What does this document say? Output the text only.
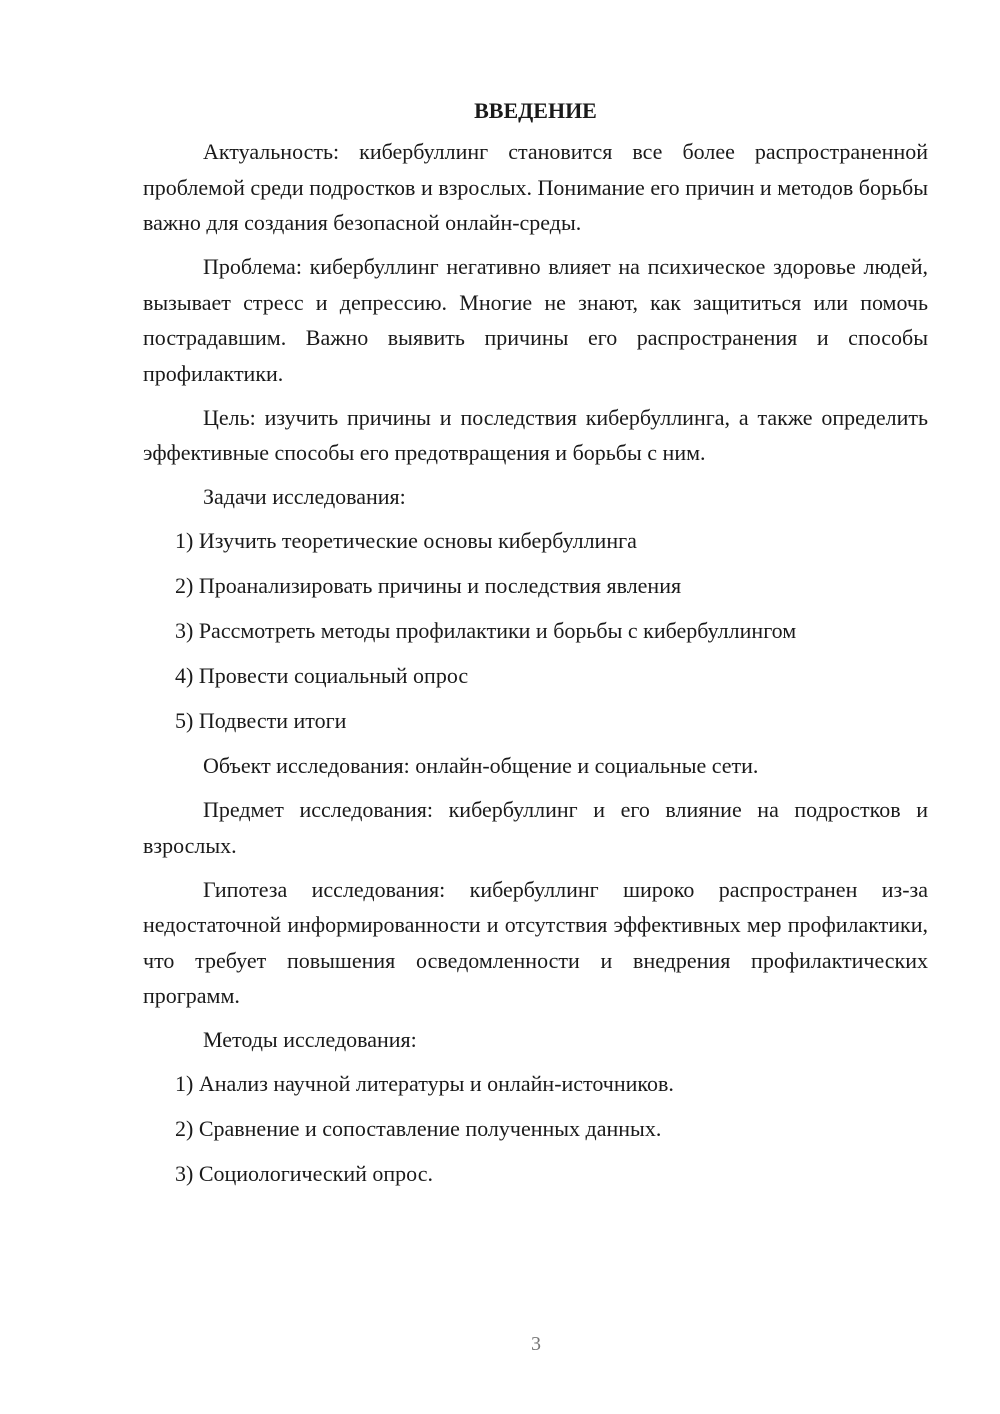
ВВЕДЕНИЕ

Актуальность: кибербуллинг становится все более распространенной проблемой среди подростков и взрослых. Понимание его причин и методов борьбы важно для создания безопасной онлайн-среды.

Проблема: кибербуллинг негативно влияет на психическое здоровье людей, вызывает стресс и депрессию. Многие не знают, как защититься или помочь пострадавшим. Важно выявить причины его распространения и способы профилактики.

Цель: изучить причины и последствия кибербуллинга, а также определить эффективные способы его предотвращения и борьбы с ним.

Задачи исследования:

1) Изучить теоретические основы кибербуллинга

2) Проанализировать причины и последствия явления

3) Рассмотреть методы профилактики и борьбы с кибербуллингом

4) Провести социальный опрос

5) Подвести итоги

Объект исследования: онлайн-общение и социальные сети.

Предмет исследования: кибербуллинг и его влияние на подростков и взрослых.

Гипотеза исследования: кибербуллинг широко распространен из-за недостаточной информированности и отсутствия эффективных мер профилактики, что требует повышения осведомленности и внедрения профилактических программ.

Методы исследования:

1) Анализ научной литературы и онлайн-источников.

2) Сравнение и сопоставление полученных данных.

3) Социологический опрос.

3
